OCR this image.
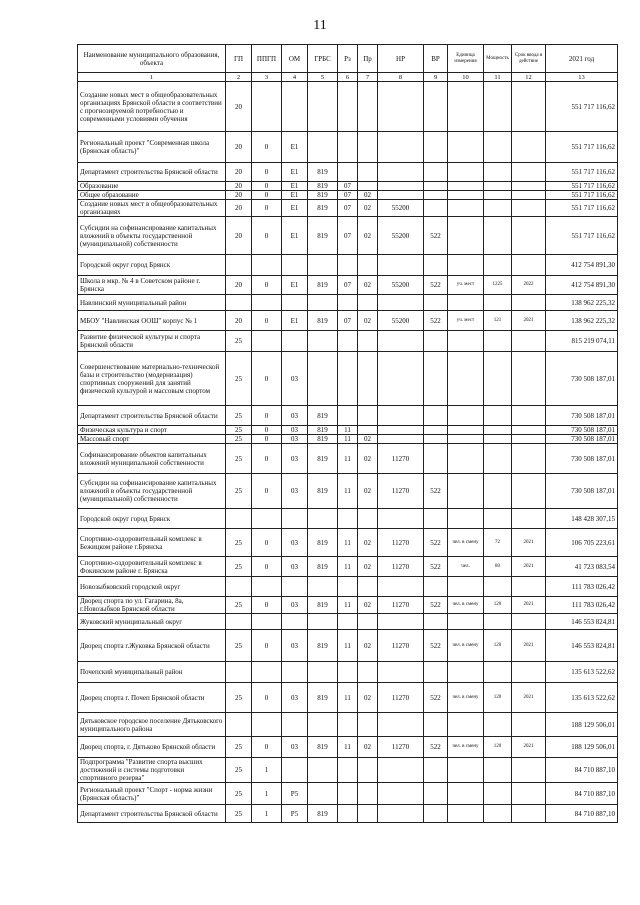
11
Наименование муниципального образования, объекта	ГП	ППГП	ОМ	ГРБС	Рз	Пр	НР	ВР	Единица измерения	Мощность	Срок ввода в действие	2021 год
1	2	3	4	5	6	7	8	9	10	11	12	13
Создание новых мест в общеобразовательных организациях Брянской области в соответствии с прогнозируемой потребностью и современными условиями обучения	20											551 717 116,62
Региональный проект "Современная школа (Брянская область)"	20	0	E1									551 717 116,62
Департамент строительства Брянской области	20	0	E1	819								551 717 116,62
Образование	20	0	E1	819	07							551 717 116,62
Общее образование	20	0	E1	819	07	02						551 717 116,62
Создание новых мест в общеобразовательных организациях	20	0	E1	819	07	02	55200					551 717 116,62
Субсидии на софинансирование капитальных вложений в объекты государственной (муниципальной) собственности	20	0	E1	819	07	02	55200	522				551 717 116,62
Городской округ город Брянск												412 754 891,30
Школа в мкр. № 4 в Советском районе г. Брянска	20	0	E1	819	07	02	55200	522	уч. мест	1225	2022	412 754 891,30
Навлинский муниципальный район												138 962 225,32
МБОУ "Навлинская ООШ" корпус № 1	20	0	E1	819	07	02	55200	522	уч. мест	121	2021	138 962 225,32
Развитие физической культуры и спорта Брянской области	25											815 219 074,11
Совершенствование материально-технической базы и строительство (модернизация) спортивных сооружений для занятий физической культурой и массовым спортом	25	0	03									730 508 187,01
Департамент строительства Брянской области	25	0	03	819								730 508 187,01
Физическая культура и спорт	25	0	03	819	11							730 508 187,01
Массовый спорт	25	0	03	819	11	02						730 508 187,01
Софинансирование объектов капитальных вложений муниципальной собственности	25	0	03	819	11	02	11270					730 508 187,01
Субсидии на софинансирование капитальных вложений в объекты государственной (муниципальной) собственности	25	0	03	819	11	02	11270	522				730 508 187,01
Городской округ город Брянск												148 428 307,15
Спортивно-оздоровительный комплекс в Бежицком районе г.Брянска	25	0	03	819	11	02	11270	522	чел. в смену	72	2021	106 705 223,61
Спортивно-оздоровительный комплекс в Фокинском районе г. Брянска	25	0	03	819	11	02	11270	522	чел.	80	2021	41 723 083,54
Новозыбковский городской округ												111 783 026,42
Дворец спорта по ул. Гагарина, 8а, г.Новозыбков Брянской области	25	0	03	819	11	02	11270	522	чел. в смену	120	2021	111 783 026,42
Жуковский муниципальный округ												146 553 824,81
Дворец спорта г.Жуковка Брянской области	25	0	03	819	11	02	11270	522	чел. в смену	120	2021	146 553 824,81
Почепский муниципальный район												135 613 522,62
Дворец спорта г. Почеп Брянской области	25	0	03	819	11	02	11270	522	чел. в смену	120	2021	135 613 522,62
Дятьковское городское поселение Дятьковского муниципального района												188 129 506,01
Дворец спорта, г. Дятьково Брянской области	25	0	03	819	11	02	11270	522	чел. в смену	120	2021	188 129 506,01
Подпрограмма "Развитие спорта высших достижений и системы подготовки спортивного резерва"	25	1										84 710 887,10
Региональный проект "Спорт - норма жизни (Брянская область)"	25	1	P5									84 710 887,10
Департамент строительства Брянской области	25	1	P5	819								84 710 887,10
